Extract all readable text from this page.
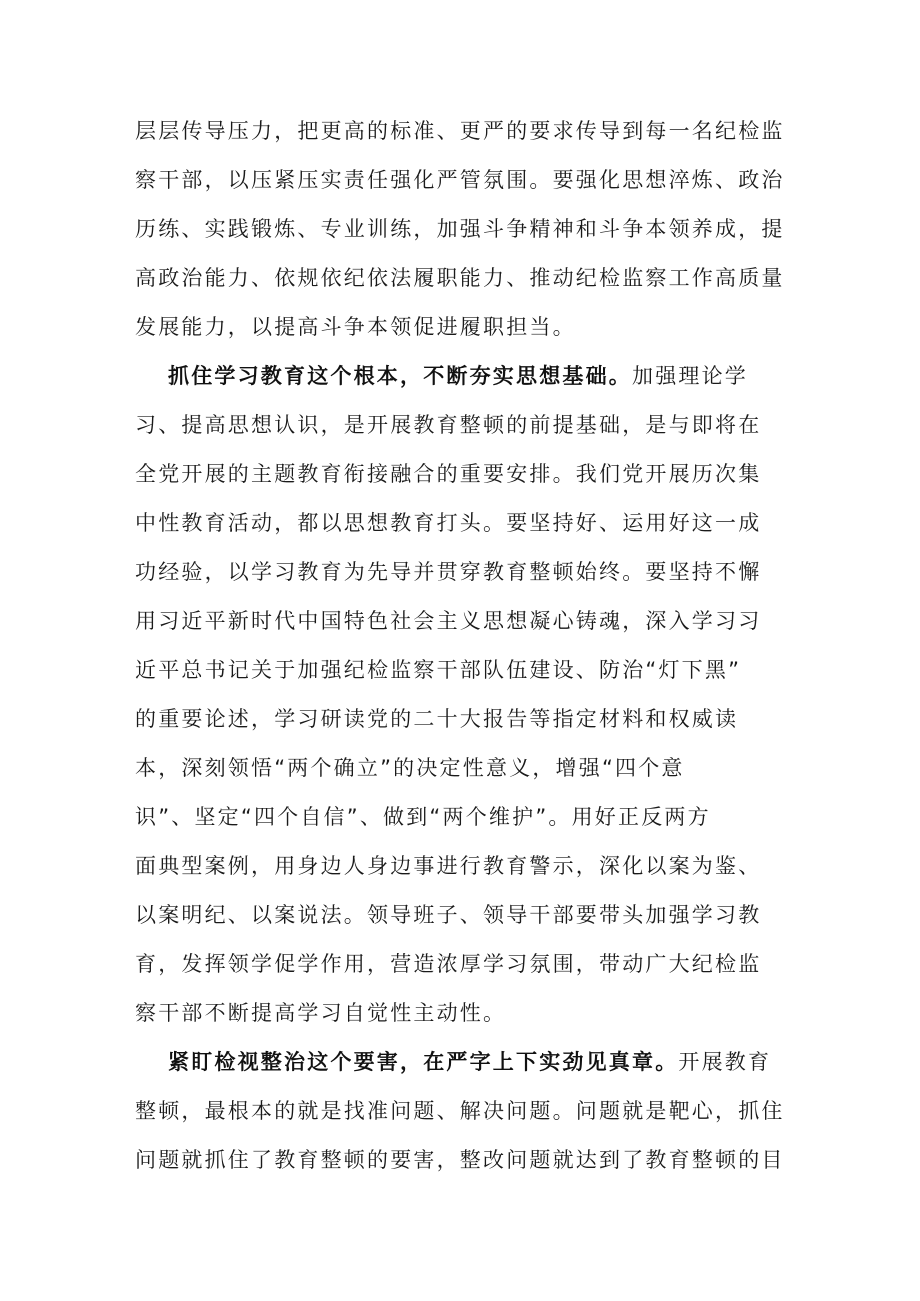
层层传导压力，把更高的标准、更严的要求传导到每一名纪检监
察干部，以压紧压实责任强化严管氛围。要强化思想淬炼、政治
历练、实践锻炼、专业训练，加强斗争精神和斗争本领养成，提
高政治能力、依规依纪依法履职能力、推动纪检监察工作高质量
发展能力，以提高斗争本领促进履职担当。
抓住学习教育这个根本，不断夯实思想基础。加强理论学
习、提高思想认识，是开展教育整顿的前提基础，是与即将在
全党开展的主题教育衔接融合的重要安排。我们党开展历次集
中性教育活动，都以思想教育打头。要坚持好、运用好这一成
功经验，以学习教育为先导并贯穿教育整顿始终。要坚持不懈
用习近平新时代中国特色社会主义思想凝心铸魂，深入学习习
近平总书记关于加强纪检监察干部队伍建设、防治“灯下黑”
的重要论述，学习研读党的二十大报告等指定材料和权威读
本，深刻领悟“两个确立”的决定性意义，增强“四个意
识”、坚定“四个自信”、做到“两个维护”。用好正反两方
面典型案例，用身边人身边事进行教育警示，深化以案为鉴、
以案明纪、以案说法。领导班子、领导干部要带头加强学习教
育，发挥领学促学作用，营造浓厚学习氛围，带动广大纪检监
察干部不断提高学习自觉性主动性。
紧盯检视整治这个要害，在严字上下实劲见真章。开展教育
整顿，最根本的就是找准问题、解决问题。问题就是靶心，抓住
问题就抓住了教育整顿的要害，整改问题就达到了教育整顿的目
